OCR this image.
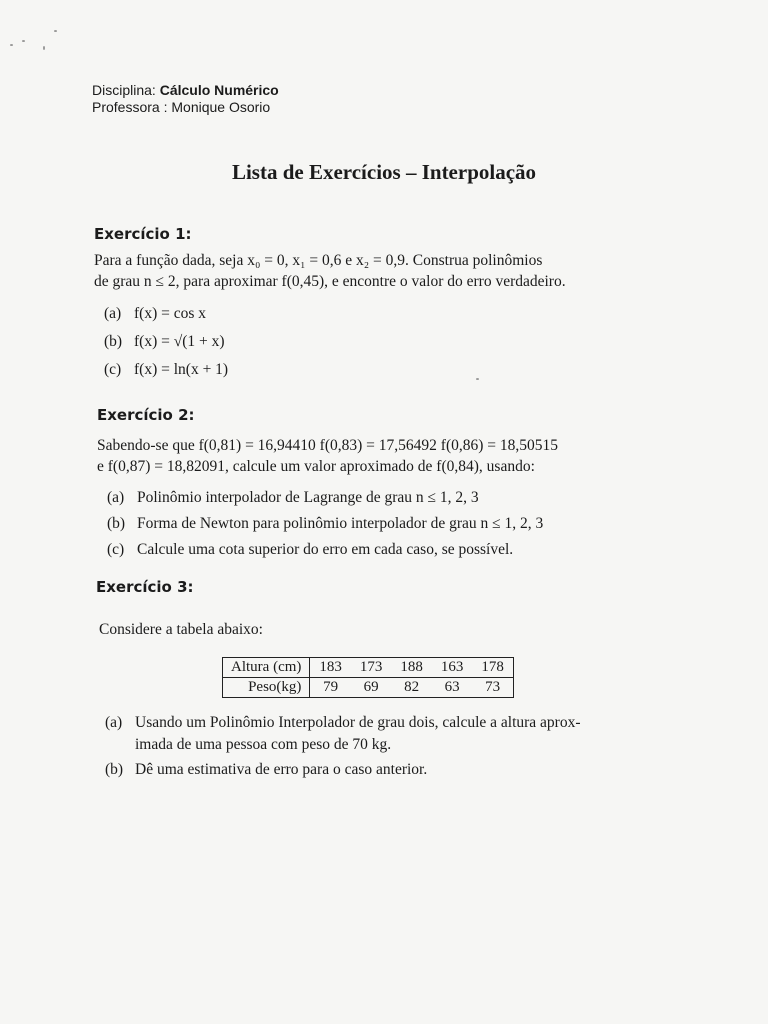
Disciplina: Cálculo Numérico
Professora : Monique Osorio
Lista de Exercícios – Interpolação
Exercício 1:
Para a função dada, seja x₀ = 0, x₁ = 0,6 e x₂ = 0,9. Construa polinômios
de grau n ≤ 2, para aproximar f(0,45), e encontre o valor do erro verdadeiro.
(a) f(x) = cos x
(b) f(x) = √(1 + x)
(c) f(x) = ln(x + 1)
Exercício 2:
Sabendo-se que f(0,81) = 16,94410 f(0,83) = 17,56492 f(0,86) = 18,50515
e f(0,87) = 18,82091, calcule um valor aproximado de f(0,84), usando:
(a) Polinômio interpolador de Lagrange de grau n ≤ 1, 2, 3
(b) Forma de Newton para polinômio interpolador de grau n ≤ 1, 2, 3
(c) Calcule uma cota superior do erro em cada caso, se possível.
Exercício 3:
Considere a tabela abaixo:
Altura (cm)	183	173	188	163	178
Peso(kg)	79	69	82	63	73
(a) Usando um Polinômio Interpolador de grau dois, calcule a altura aprox-
imada de uma pessoa com peso de 70 kg.
(b) Dê uma estimativa de erro para o caso anterior.
